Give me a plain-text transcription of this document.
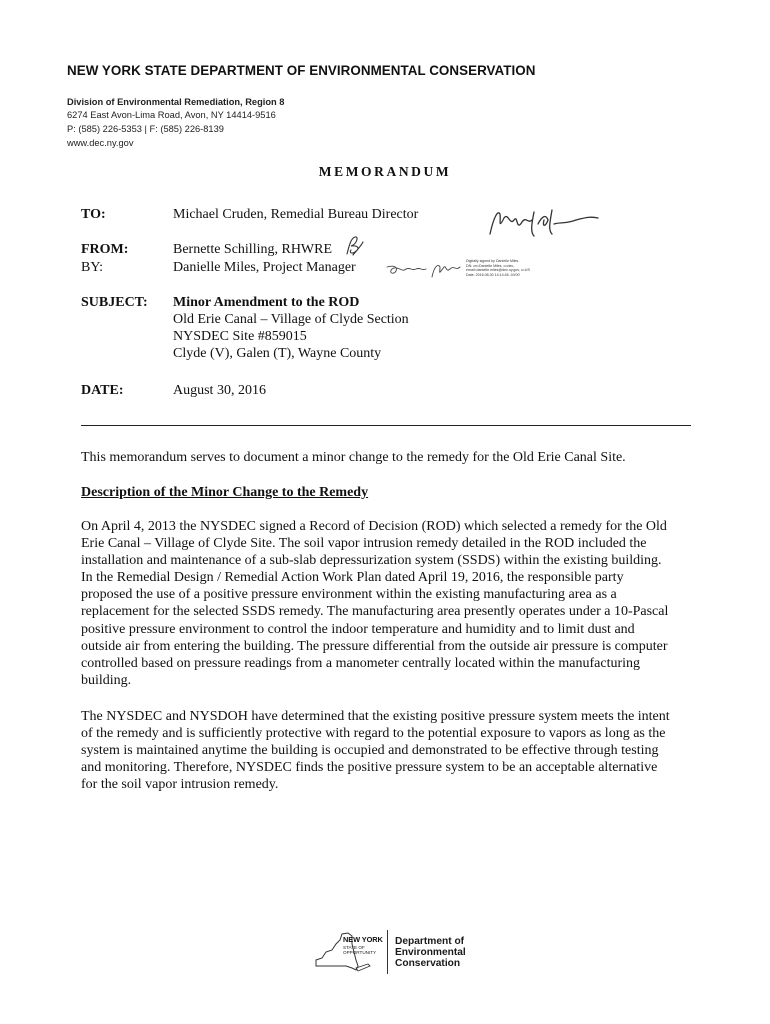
NEW YORK STATE DEPARTMENT OF ENVIRONMENTAL CONSERVATION
Division of Environmental Remediation, Region 8
6274 East Avon-Lima Road, Avon, NY 14414-9516
P: (585) 226-5353 | F: (585) 226-8139
www.dec.ny.gov
MEMORANDUM
TO:	Michael Cruden, Remedial Bureau Director
FROM:	Bernette Schilling, RHWRE
BY:	Danielle Miles, Project Manager
SUBJECT: Minor Amendment to the ROD
Old Erie Canal – Village of Clyde Section
NYSDEC Site #859015
Clyde (V), Galen (T), Wayne County
DATE:	August 30, 2016
Digitally signed by Danielle Miles
DN: cn=Danielle Miles, o=dec,
email=danielle.miles@dec.ny.gov, c=US
Date: 2016.08.30 14:14:45 -04'00'

This memorandum serves to document a minor change to the remedy for the Old Erie Canal Site.

Description of the Minor Change to the Remedy
On April 4, 2013 the NYSDEC signed a Record of Decision (ROD) which selected a remedy for the Old
Erie Canal – Village of Clyde Site. The soil vapor intrusion remedy detailed in the ROD included the
installation and maintenance of a sub-slab depressurization system (SSDS) within the existing building.
In the Remedial Design / Remedial Action Work Plan dated April 19, 2016, the responsible party
proposed the use of a positive pressure environment within the existing manufacturing area as a
replacement for the selected SSDS remedy. The manufacturing area presently operates under a 10-Pascal
positive pressure environment to control the indoor temperature and humidity and to limit dust and
outside air from entering the building. The pressure differential from the outside air pressure is computer
controlled based on pressure readings from a manometer centrally located within the manufacturing
building.
The NYSDEC and NYSDOH have determined that the existing positive pressure system meets the intent
of the remedy and is sufficiently protective with regard to the potential exposure to vapors as long as the
system is maintained anytime the building is occupied and demonstrated to be effective through testing
and monitoring. Therefore, NYSDEC finds the positive pressure system to be an acceptable alternative
for the soil vapor intrusion remedy.
NEW YORK
STATE OF
OPPORTUNITY
Department of
Environmental
Conservation
